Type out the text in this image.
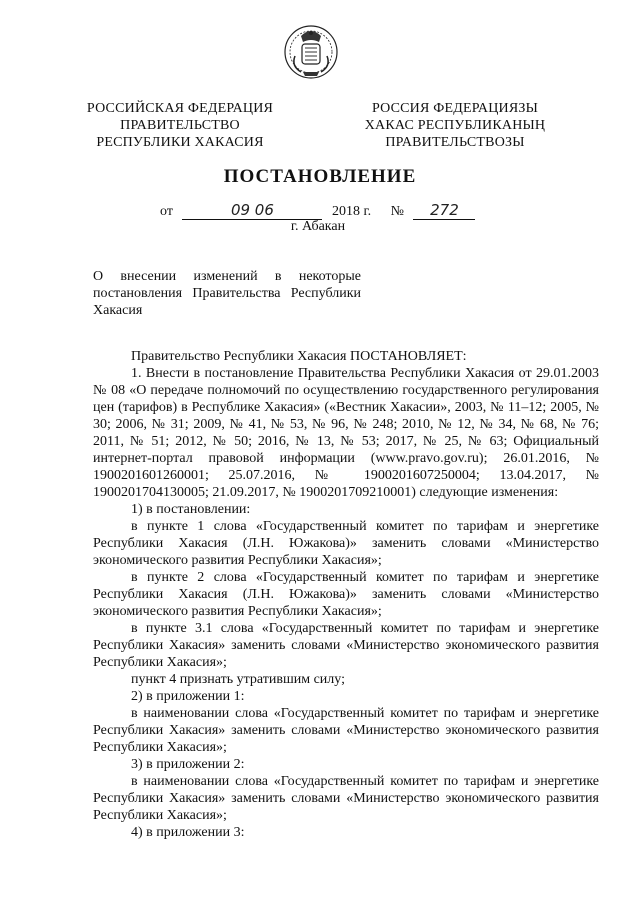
РОССИЙСКАЯ ФЕДЕРАЦИЯ
ПРАВИТЕЛЬСТВО
РЕСПУБЛИКИ ХАКАСИЯ
РОССИЯ ФЕДЕРАЦИЯЗЫ
ХАКАС РЕСПУБЛИКАНЫҢ
ПРАВИТЕЛЬСТВОЗЫ
ПОСТАНОВЛЕНИЕ
от	09 06	2018 г. № 272
г. Абакан
О внесении изменений в некоторые
постановления Правительства Республики
Хакасия

Правительство Республики Хакасия ПОСТАНОВЛЯЕТ:

1. Внести в постановление Правительства Республики Хакасия от 29.01.2003 № 08 «О передаче полномочий по осуществлению государственного регулирования цен (тарифов) в Республике Хакасия» («Вестник Хакасии», 2003, № 11–12; 2005, № 30; 2006, № 31; 2009, № 41, № 53, № 96, № 248; 2010, № 12, № 34, № 68, № 76; 2011, № 51; 2012, № 50; 2016, № 13, № 53; 2017, № 25, № 63; Официальный интернет-портал правовой информации (www.pravo.gov.ru); 26.01.2016, № 1900201601260001; 25.07.2016, № 1900201607250004; 13.04.2017, № 1900201704130005; 21.09.2017, № 1900201709210001) следующие изменения:

1) в постановлении:

в пункте 1 слова «Государственный комитет по тарифам и энергетике Республики Хакасия (Л.Н. Южакова)» заменить словами «Министерство экономического развития Республики Хакасия»;

в пункте 2 слова «Государственный комитет по тарифам и энергетике Республики Хакасия (Л.Н. Южакова)» заменить словами «Министерство экономического развития Республики Хакасия»;

в пункте 3.1 слова «Государственный комитет по тарифам и энергетике Республики Хакасия» заменить словами «Министерство экономического развития Республики Хакасия»;

пункт 4 признать утратившим силу;

2) в приложении 1:

в наименовании слова «Государственный комитет по тарифам и энергетике Республики Хакасия» заменить словами «Министерство экономического развития Республики Хакасия»;

3) в приложении 2:

в наименовании слова «Государственный комитет по тарифам и энергетике Республики Хакасия» заменить словами «Министерство экономического развития Республики Хакасия»;

4) в приложении 3:
